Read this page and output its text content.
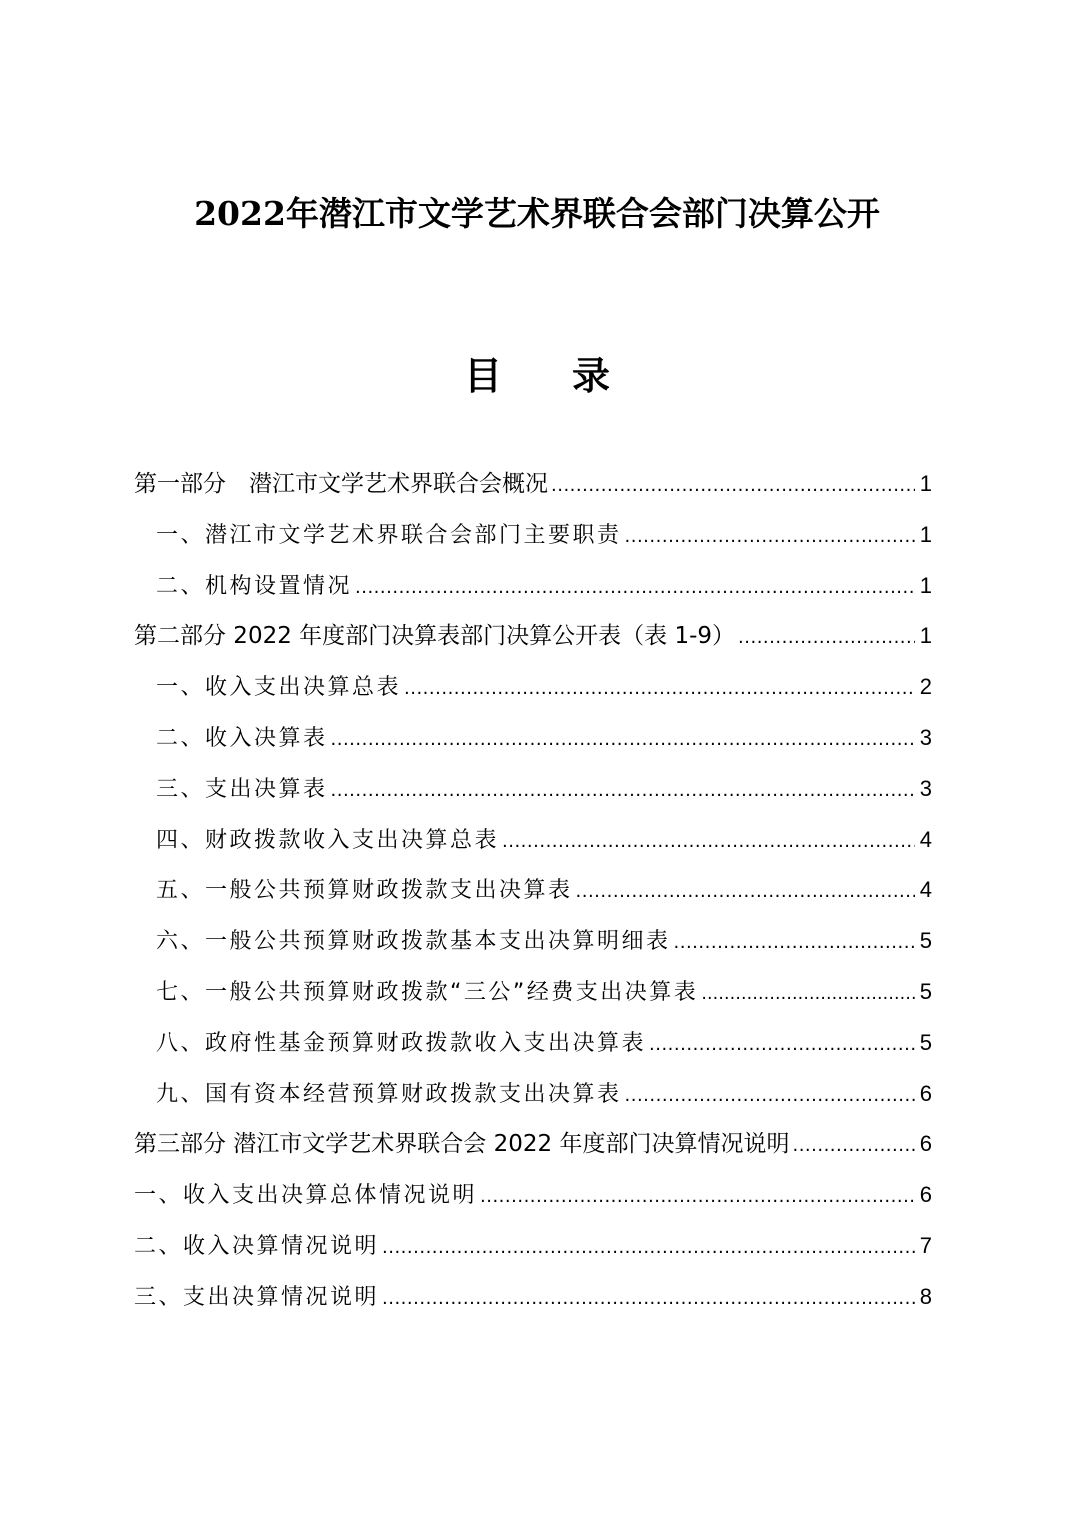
2022年潜江市文学艺术界联合会部门决算公开
目 录
第一部分　潜江市文学艺术界联合会概况 .....	1
一、潜江市文学艺术界联合会部门主要职责 .....	1
二、机构设置情况 .....	1
第二部分 2022 年度部门决算表部门决算公开表（表 1-9） .....	1
一、收入支出决算总表 .....	2
二、收入决算表 .....	3
三、支出决算表 .....	3
四、财政拨款收入支出决算总表 .....	4
五、一般公共预算财政拨款支出决算表 .....	4
六、一般公共预算财政拨款基本支出决算明细表 .....	5
七、一般公共预算财政拨款“三公”经费支出决算表 ……………………………………………………………………………………………………………………	5
八、政府性基金预算财政拨款收入支出决算表 .....	5
九、国有资本经营预算财政拨款支出决算表 .....	6
第三部分 潜江市文学艺术界联合会 2022 年度部门决算情况说明 .....	6
一、收入支出决算总体情况说明 .....	6
二、收入决算情况说明 .....	7
三、支出决算情况说明 .....	8
